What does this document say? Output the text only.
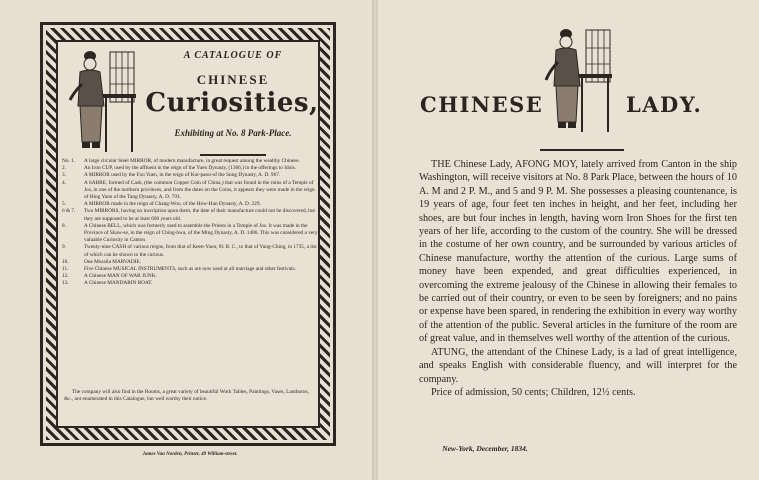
A CATALOGUE OF
CHINESE
Curiosities,
Exhibiting at No. 8 Park-Place.
No. 1.	A large circular Steel MIRROR, of modern manufacture, in great request among the wealthy Chinese.
2.	An Iron CUP, used by the affluent in the reign of the Yuen Dynasty, (1366,) in the offerings to Idols.
3.	A MIRROR used by the Foo Yuen, in the reign of Kur-paou-of the Sung Dynasty, A. D. 967.
4.	A SABRE, formed of Cash, (the common Copper Coin of China,) that was found in the ruins of a Temple of Jos, in one of the northern provinces, and from the dates on the Coins, it appears they were made in the reign of Hing Yuen of the Tang Dynasty, A. D. 793.
5.	A MIRROR made in the reign of Chang-Woo, of the How-Han Dynasty, A. D. 229.
6 & 7.	Two MIRRORS, having no inscription upon them, the date of their manufacture could not be discovered, but they are supposed to be at least 600 years old.
8.	A Chinese BELL, which was formerly used to assemble the Priests in a Temple of Jos. It was made in the Province of Shaw-se, in the reign of Ching-hwa, of the Ming Dynasty, A. D. 1486. This was considered a very valuable Curiosity in Canton.
9.	Twenty-nine CASH of various reigns, from that of Keen-Yuen, 81 B. C., to that of Yung-Ching, in 1735, a list of which can be shown to the curious.
10.	One Mussila MARVADIE.
11.	Five Chinese MUSICAL INSTRUMENTS, such as are now used at all marriage and other festivals.
12.	A Chinese MAN OF WAR JUNK.
13.	A Chinese MANDARIN BOAT.
The company will also find in the Rooms, a great variety of beautiful Work Tables, Paintings, Vases, Lanthorns, &c., not enumerated in this Catalogue, but well worthy their notice.
James Van Norden, Printer, 49 William-street.
CHINESE	LADY.

THE Chinese Lady, AFONG MOY, lately arrived from Canton in the ship Washington, will receive visitors at No. 8 Park Place, between the hours of 10 A. M and 2 P. M., and 5 and 9 P. M. She possesses a pleasing countenance, is 19 years of age, four feet ten inches in height, and her feet, including her shoes, are but four inches in length, having worn Iron Shoes for the first ten years of her life, according to the custom of the country. She will be dressed in the costume of her own country, and be surrounded by various articles of Chinese manufacture, worthy the attention of the curious. Large sums of money have been expended, and great difficulties experienced, in overcoming the extreme jealousy of the Chinese in allowing their females to be carried out of their country, or even to be seen by foreigners; and no pains or expense have been spared, in rendering the exhibition in every way worthy of the attention of the public. Several articles in the furniture of the room are of great value, and in themselves well worthy of the attention of the curious.

ATUNG, the attendant of the Chinese Lady, is a lad of great intelligence, and speaks English with considerable fluency, and will interpret for the company.

Price of admission, 50 cents; Children, 12½ cents.

New-York, December, 1834.
